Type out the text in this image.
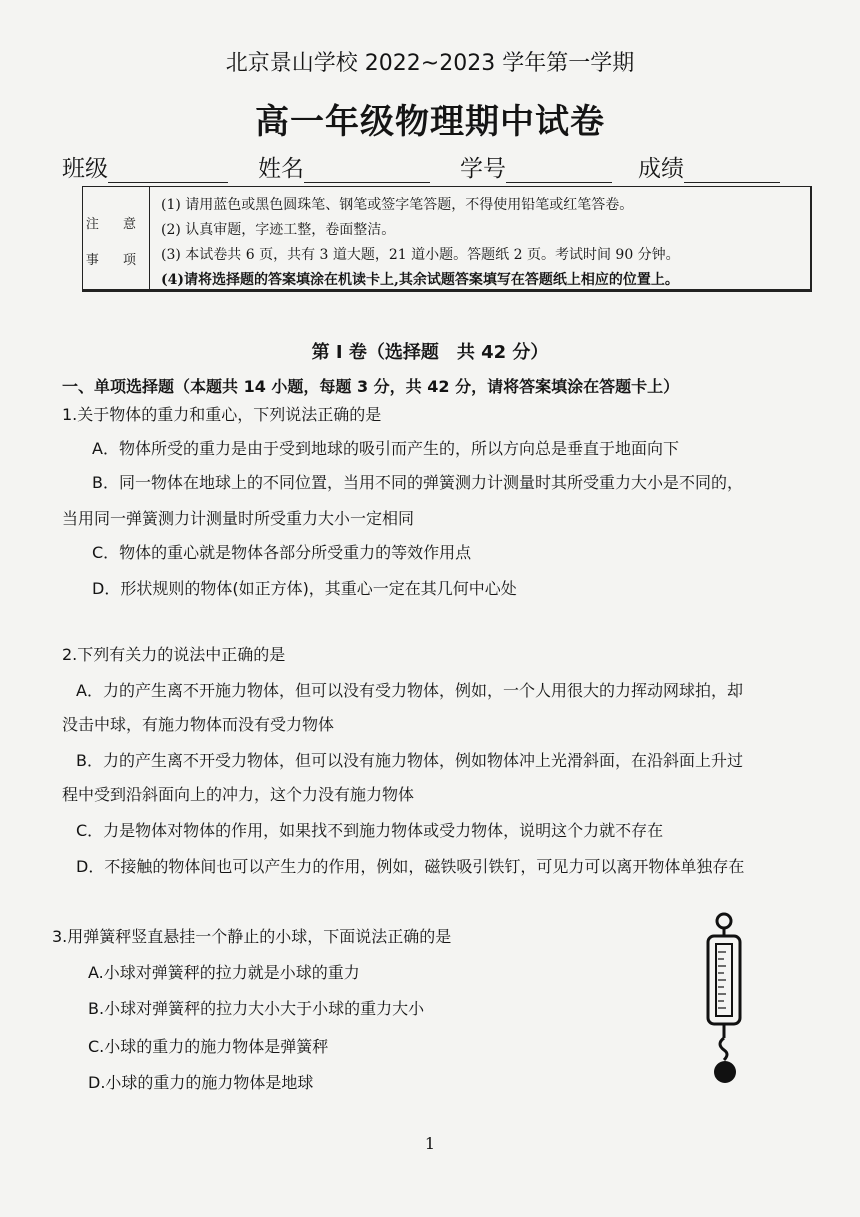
北京景山学校 2022~2023 学年第一学期
高一年级物理期中试卷
班级	姓名	学号	成绩
注 意
事 项
(1) 请用蓝色或黑色圆珠笔、钢笔或签字笔答题，不得使用铅笔或红笔答卷。
(2) 认真审题，字迹工整，卷面整洁。
(3) 本试卷共 6 页，共有 3 道大题，21 道小题。答题纸 2 页。考试时间 90 分钟。
(4)请将选择题的答案填涂在机读卡上,其余试题答案填写在答题纸上相应的位置上。
第 I 卷（选择题　共 42 分）
一、单项选择题（本题共 14 小题，每题 3 分，共 42 分，请将答案填涂在答题卡上）
1.关于物体的重力和重心，下列说法正确的是
A．物体所受的重力是由于受到地球的吸引而产生的，所以方向总是垂直于地面向下
B．同一物体在地球上的不同位置，当用不同的弹簧测力计测量时其所受重力大小是不同的，
当用同一弹簧测力计测量时所受重力大小一定相同
C．物体的重心就是物体各部分所受重力的等效作用点
D．形状规则的物体(如正方体)，其重心一定在其几何中心处
2.下列有关力的说法中正确的是
A．力的产生离不开施力物体，但可以没有受力物体，例如，一个人用很大的力挥动网球拍，却
没击中球，有施力物体而没有受力物体
B．力的产生离不开受力物体，但可以没有施力物体，例如物体冲上光滑斜面，在沿斜面上升过
程中受到沿斜面向上的冲力，这个力没有施力物体
C．力是物体对物体的作用，如果找不到施力物体或受力物体，说明这个力就不存在
D．不接触的物体间也可以产生力的作用，例如，磁铁吸引铁钉，可见力可以离开物体单独存在
3.用弹簧秤竖直悬挂一个静止的小球，下面说法正确的是
A.小球对弹簧秤的拉力就是小球的重力
B.小球对弹簧秤的拉力大小大于小球的重力大小
C.小球的重力的施力物体是弹簧秤
D.小球的重力的施力物体是地球
1
